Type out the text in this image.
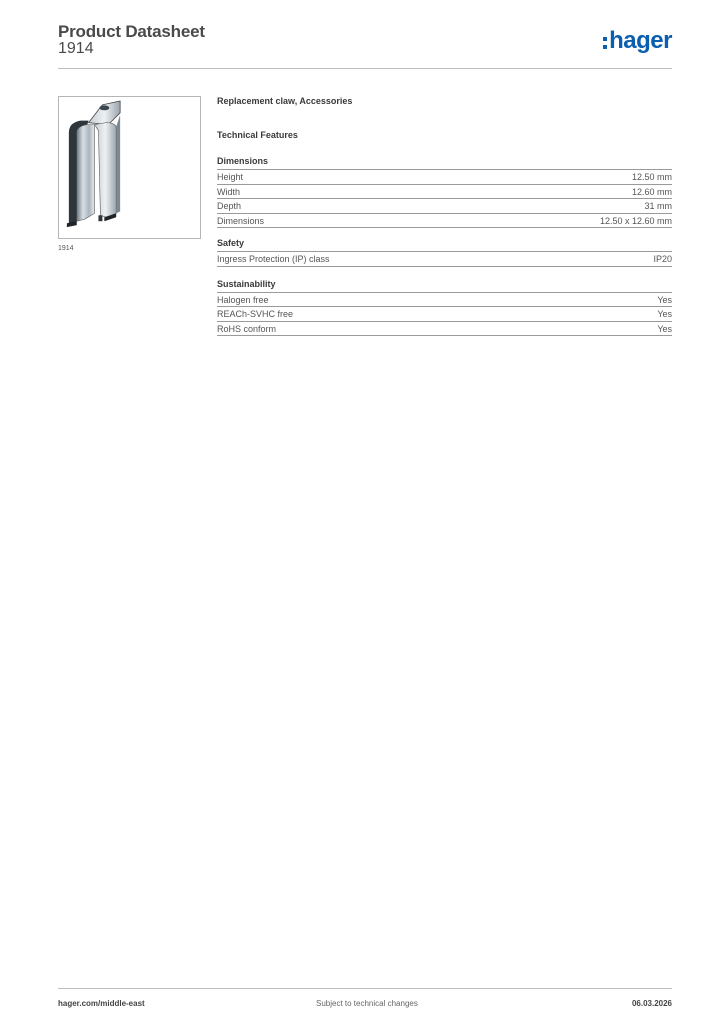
Product Datasheet
1914	hager
1914
Replacement claw, Accessories
Technical Features
Dimensions
Height	12.50 mm
Width	12.60 mm
Depth	31 mm
Dimensions	12.50 x 12.60 mm
Safety
Ingress Protection (IP) class	IP20
Sustainability
Halogen free	Yes
REACh-SVHC free	Yes
RoHS conform	Yes
hager.com/middle-east	Subject to technical changes	06.03.2026
